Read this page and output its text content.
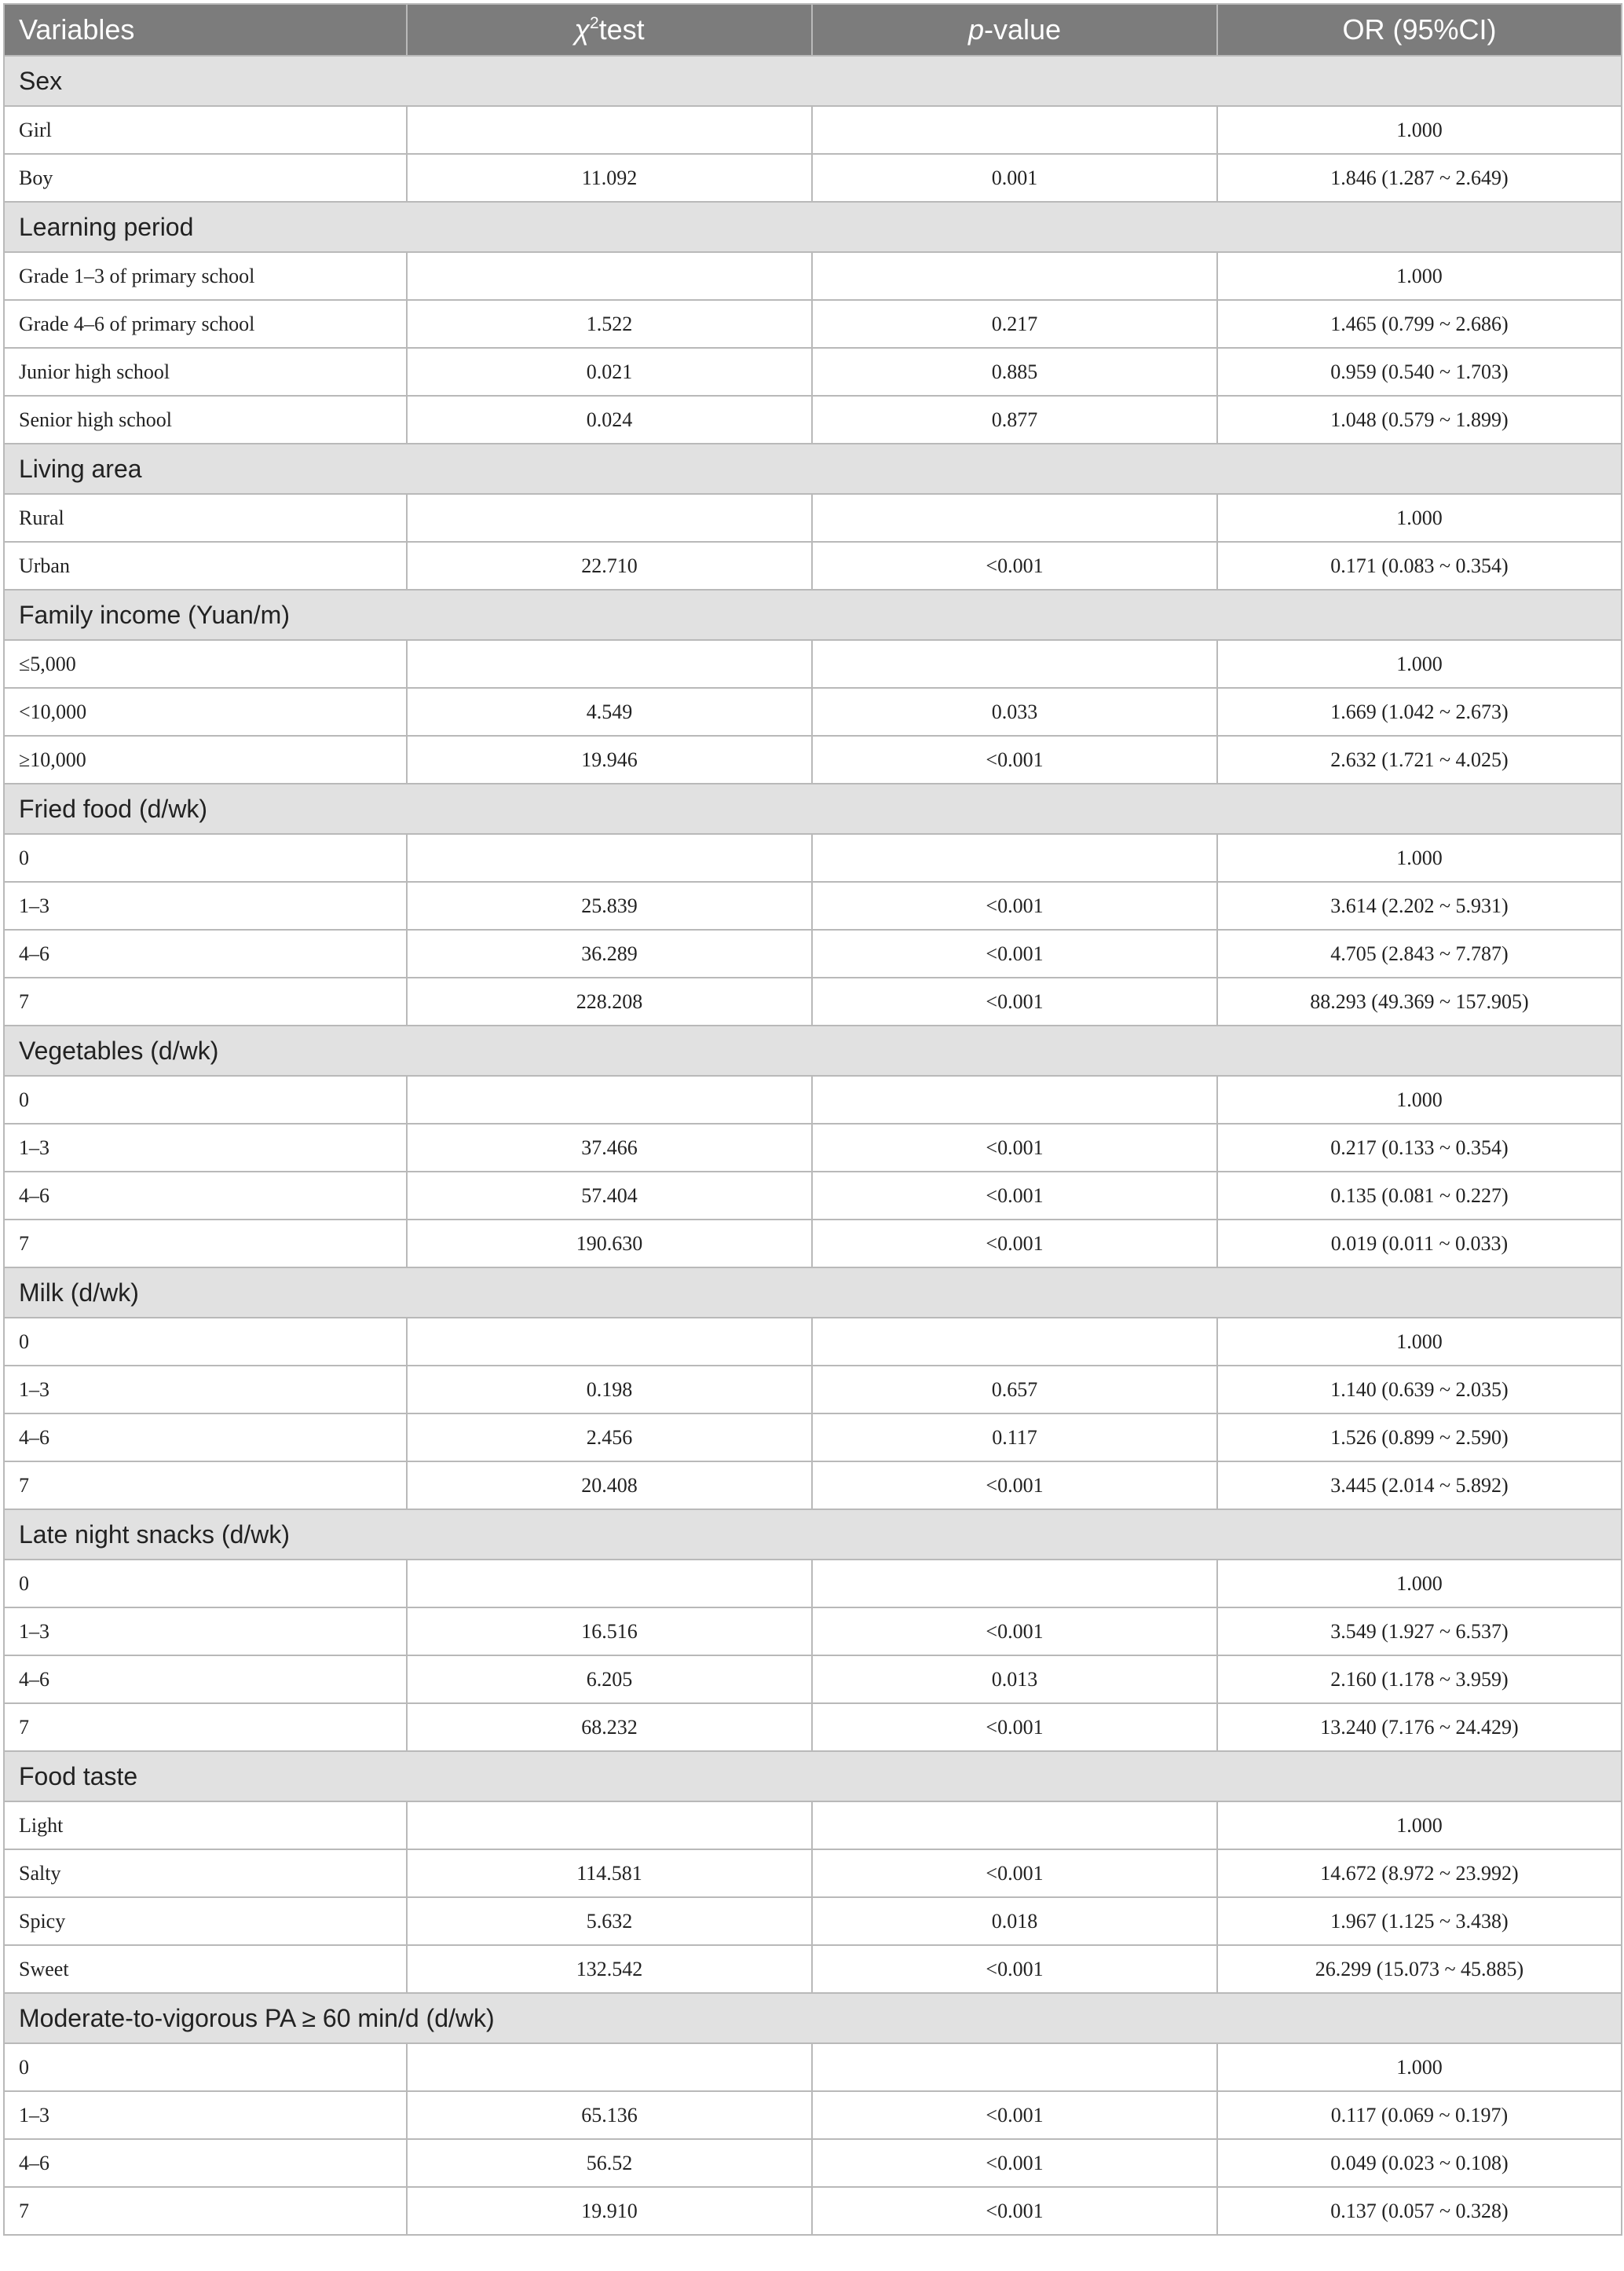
Variables	$\chi^2test$	p-value	OR (95%CI)
Sex			
Girl			1.000
Boy	11.092	0.001	1.846 (1.287 ~ 2.649)
Learning period			
Grade 1–3 of primary school			1.000
Grade 4–6 of primary school	1.522	0.217	1.465 (0.799 ~ 2.686)
Junior high school	0.021	0.885	0.959 (0.540 ~ 1.703)
Senior high school	0.024	0.877	1.048 (0.579 ~ 1.899)
Living area			
Rural			1.000
Urban	22.710	<0.001	0.171 (0.083 ~ 0.354)
Family income (Yuan/m)			
≤5,000			1.000
<10,000	4.549	0.033	1.669 (1.042 ~ 2.673)
≥10,000	19.946	<0.001	2.632 (1.721 ~ 4.025)
Fried food (d/wk)			
0			1.000
1–3	25.839	<0.001	3.614 (2.202 ~ 5.931)
4–6	36.289	<0.001	4.705 (2.843 ~ 7.787)
7	228.208	<0.001	88.293 (49.369 ~ 157.905)
Vegetables (d/wk)			
0			1.000
1–3	37.466	<0.001	0.217 (0.133 ~ 0.354)
4–6	57.404	<0.001	0.135 (0.081 ~ 0.227)
7	190.630	<0.001	0.019 (0.011 ~ 0.033)
Milk (d/wk)			
0			1.000
1–3	0.198	0.657	1.140 (0.639 ~ 2.035)
4–6	2.456	0.117	1.526 (0.899 ~ 2.590)
7	20.408	<0.001	3.445 (2.014 ~ 5.892)
Late night snacks (d/wk)			
0			1.000
1–3	16.516	<0.001	3.549 (1.927 ~ 6.537)
4–6	6.205	0.013	2.160 (1.178 ~ 3.959)
7	68.232	<0.001	13.240 (7.176 ~ 24.429)
Food taste			
Light			1.000
Salty	114.581	<0.001	14.672 (8.972 ~ 23.992)
Spicy	5.632	0.018	1.967 (1.125 ~ 3.438)
Sweet	132.542	<0.001	26.299 (15.073 ~ 45.885)
Moderate-to-vigorous PA ≥ 60 min/d (d/wk)			
0			1.000
1–3	65.136	<0.001	0.117 (0.069 ~ 0.197)
4–6	56.52	<0.001	0.049 (0.023 ~ 0.108)
7	19.910	<0.001	0.137 (0.057 ~ 0.328)
